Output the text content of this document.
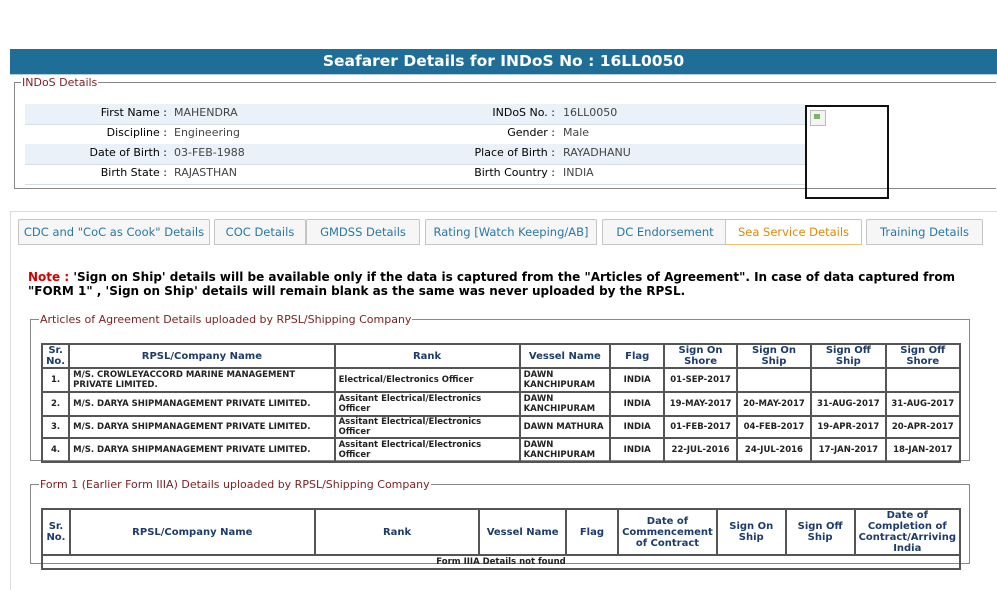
Seafarer Details for INDoS No : 16LL0050
INDoS Details
First Name : MAHENDRA	INDoS No. : 16LL0050
Discipline : Engineering	Gender : Male
Date of Birth : 03-FEB-1988	Place of Birth : RAYADHANU
Birth State : RAJASTHAN	Birth Country : INDIA
CDC and "CoC as Cook" Details	COC Details	GMDSS Details	Rating [Watch Keeping/AB]	DC Endorsement	Sea Service Details	Training Details
Note : 'Sign on Ship' details will be available only if the data is captured from the "Articles of Agreement". In case of data captured from "FORM 1" , 'Sign on Ship' details will remain blank as the same was never uploaded by the RPSL.
Articles of Agreement Details uploaded by RPSL/Shipping Company
Sr. No.	RPSL/Company Name	Rank	Vessel Name	Flag	Sign On Shore	Sign On Ship	Sign Off Ship	Sign Off Shore
1.	M/S. CROWLEYACCORD MARINE MANAGEMENT PRIVATE LIMITED.	Electrical/Electronics Officer	DAWN KANCHIPURAM	INDIA	01-SEP-2017			
2.	M/S. DARYA SHIPMANAGEMENT PRIVATE LIMITED.	Assitant Electrical/Electronics Officer	DAWN KANCHIPURAM	INDIA	19-MAY-2017	20-MAY-2017	31-AUG-2017	31-AUG-2017
3.	M/S. DARYA SHIPMANAGEMENT PRIVATE LIMITED.	Assitant Electrical/Electronics Officer	DAWN MATHURA	INDIA	01-FEB-2017	04-FEB-2017	19-APR-2017	20-APR-2017
4.	M/S. DARYA SHIPMANAGEMENT PRIVATE LIMITED.	Assitant Electrical/Electronics Officer	DAWN KANCHIPURAM	INDIA	22-JUL-2016	24-JUL-2016	17-JAN-2017	18-JAN-2017
Form 1 (Earlier Form IIIA) Details uploaded by RPSL/Shipping Company
Sr. No.	RPSL/Company Name	Rank	Vessel Name	Flag	Date of Commencement of Contract	Sign On Ship	Sign Off Ship	Date of Completion of Contract/Arriving India
Form IIIA Details not found
